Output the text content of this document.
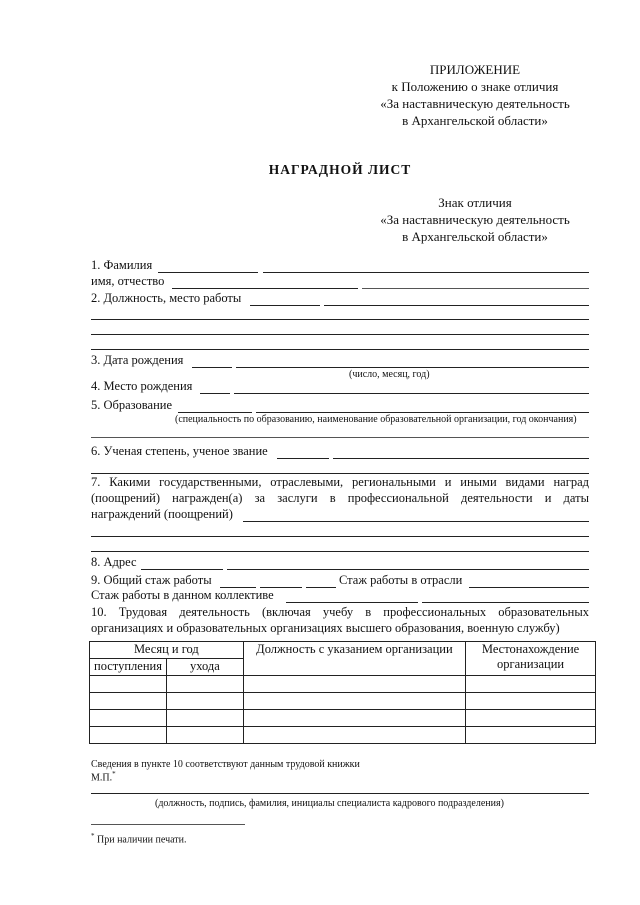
ПРИЛОЖЕНИЕ
к Положению о знаке отличия
«За наставническую деятельность
в Архангельской области»
НАГРАДНОЙ ЛИСТ
Знак отличия
«За наставническую деятельность
в Архангельской области»
1. Фамилия
имя, отчество
2. Должность, место работы
3. Дата рождения
(число, месяц, год)
4. Место рождения
5. Образование
(специальность по образованию, наименование образовательной организации, год окончания)
6. Ученая степень, ученое звание
7. Какими государственными, отраслевыми, региональными и иными видами наград
(поощрений) награжден(а) за заслуги в профессиональной деятельности и даты
награждений (поощрений)
8. Адрес
9. Общий стаж работы	Стаж работы в отрасли
Стаж работы в данном коллективе
10. Трудовая деятельность (включая учебу в профессиональных образовательных
организациях и образовательных организациях высшего образования, военную службу)
Месяц и год		Должность с указанием организации	Местонахождение
организации
поступления	ухода		

Сведения в пункте 10 соответствуют данным трудовой книжки
М.П.*
(должность, подпись, фамилия, инициалы специалиста кадрового подразделения)
* При наличии печати.
